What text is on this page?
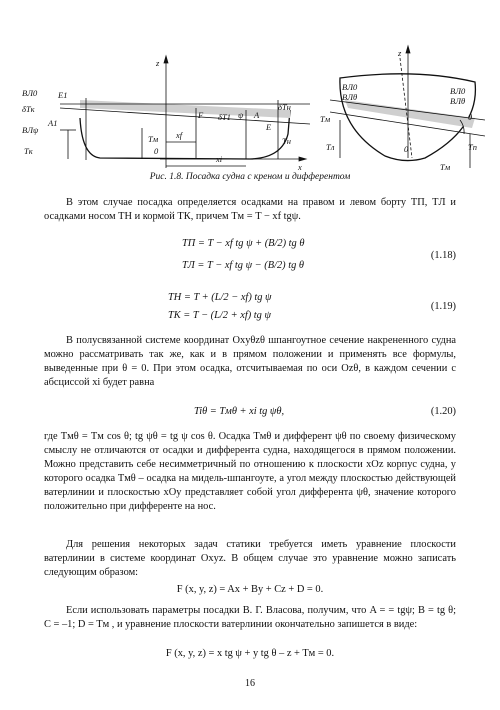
ВЛ0 E1
δTк
A1
ВЛψ
Tк
z
F δT1 ψ A
E
δTн
Tм xf
xi
0
x
Tн
z
ВЛ0
ВЛθ
Tм
ВЛ0
ВЛθ
Tл	0
θ
Tп
Tм
Рис. 1.8. Посадка судна с креном и дифферентом
В этом случае посадка определяется осадками на правом и левом борту TП, TЛ и осадками носом TН и кормой TК, причем Tм = T − xf tgψ.
TП = T − xf tg ψ + (B/2) tg θ
TЛ = T − xf tg ψ − (B/2) tg θ
(1.18)
TН = T + (L/2 − xf) tg ψ
TК = T − (L/2 + xf) tg ψ
(1.19)
В полусвязанной системе координат Oxyθzθ шпангоутное сечение накрененного судна можно рассматривать так же, как и в прямом положении и применять все формулы, выведенные при θ = 0. При этом осадка, отсчитываемая по оси Ozθ, в каждом сечении с абсциссой xi будет равна
Tiθ = Tмθ + xi tg ψθ,	(1.20)
где Tмθ = Tм cos θ; tg ψθ = tg ψ cos θ. Осадка Tмθ и дифферент ψθ по своему физическому смыслу не отличаются от осадки и дифферента судна, находящегося в прямом положении. Можно представить себе несимметричный по отношению к плоскости xOz корпус судна, у которого осадка Tмθ – осадка на мидель-шпангоуте, а угол между плоскостью действующей ватерлинии и плоскостью xOy представляет собой угол дифферента ψθ, значение которого положительно при дифференте на нос.
Для решения некоторых задач статики требуется иметь уравнение плоскости ватерлинии в системе координат Oxyz. В общем случае это уравнение можно записать следующим образом:
F (x, y, z) = Ax + By + Cz + D = 0.
Если использовать параметры посадки В. Г. Власова, получим, что A = = tgψ; B = tg θ; C = –1; D = Tм , и уравнение плоскости ватерлинии окончательно запишется в виде:
F (x, y, z) = x tg ψ + y tg θ – z + Tм = 0.
16
